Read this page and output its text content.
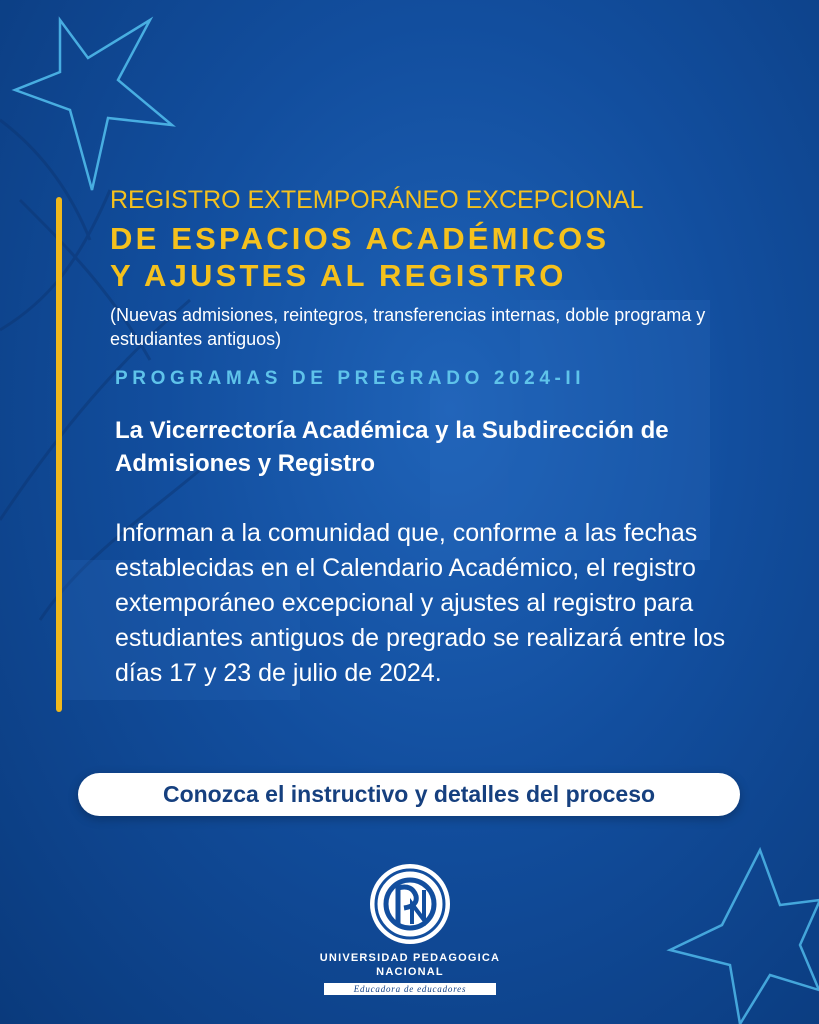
REGISTRO EXTEMPORÁNEO EXCEPCIONAL
DE ESPACIOS ACADÉMICOS
Y AJUSTES AL REGISTRO
(Nuevas admisiones, reintegros, transferencias internas, doble programa y estudiantes antiguos)
PROGRAMAS DE PREGRADO 2024-II
La Vicerrectoría Académica y la Subdirección de Admisiones y Registro
Informan a la comunidad que, conforme a las fechas establecidas en el Calendario Académico, el registro extemporáneo excepcional y ajustes al registro para estudiantes antiguos de pregrado se realizará entre los días 17 y 23 de julio de 2024.
Conozca el instructivo y detalles del proceso
UNIVERSIDAD PEDAGOGICA
NACIONAL
Educadora de educadores
